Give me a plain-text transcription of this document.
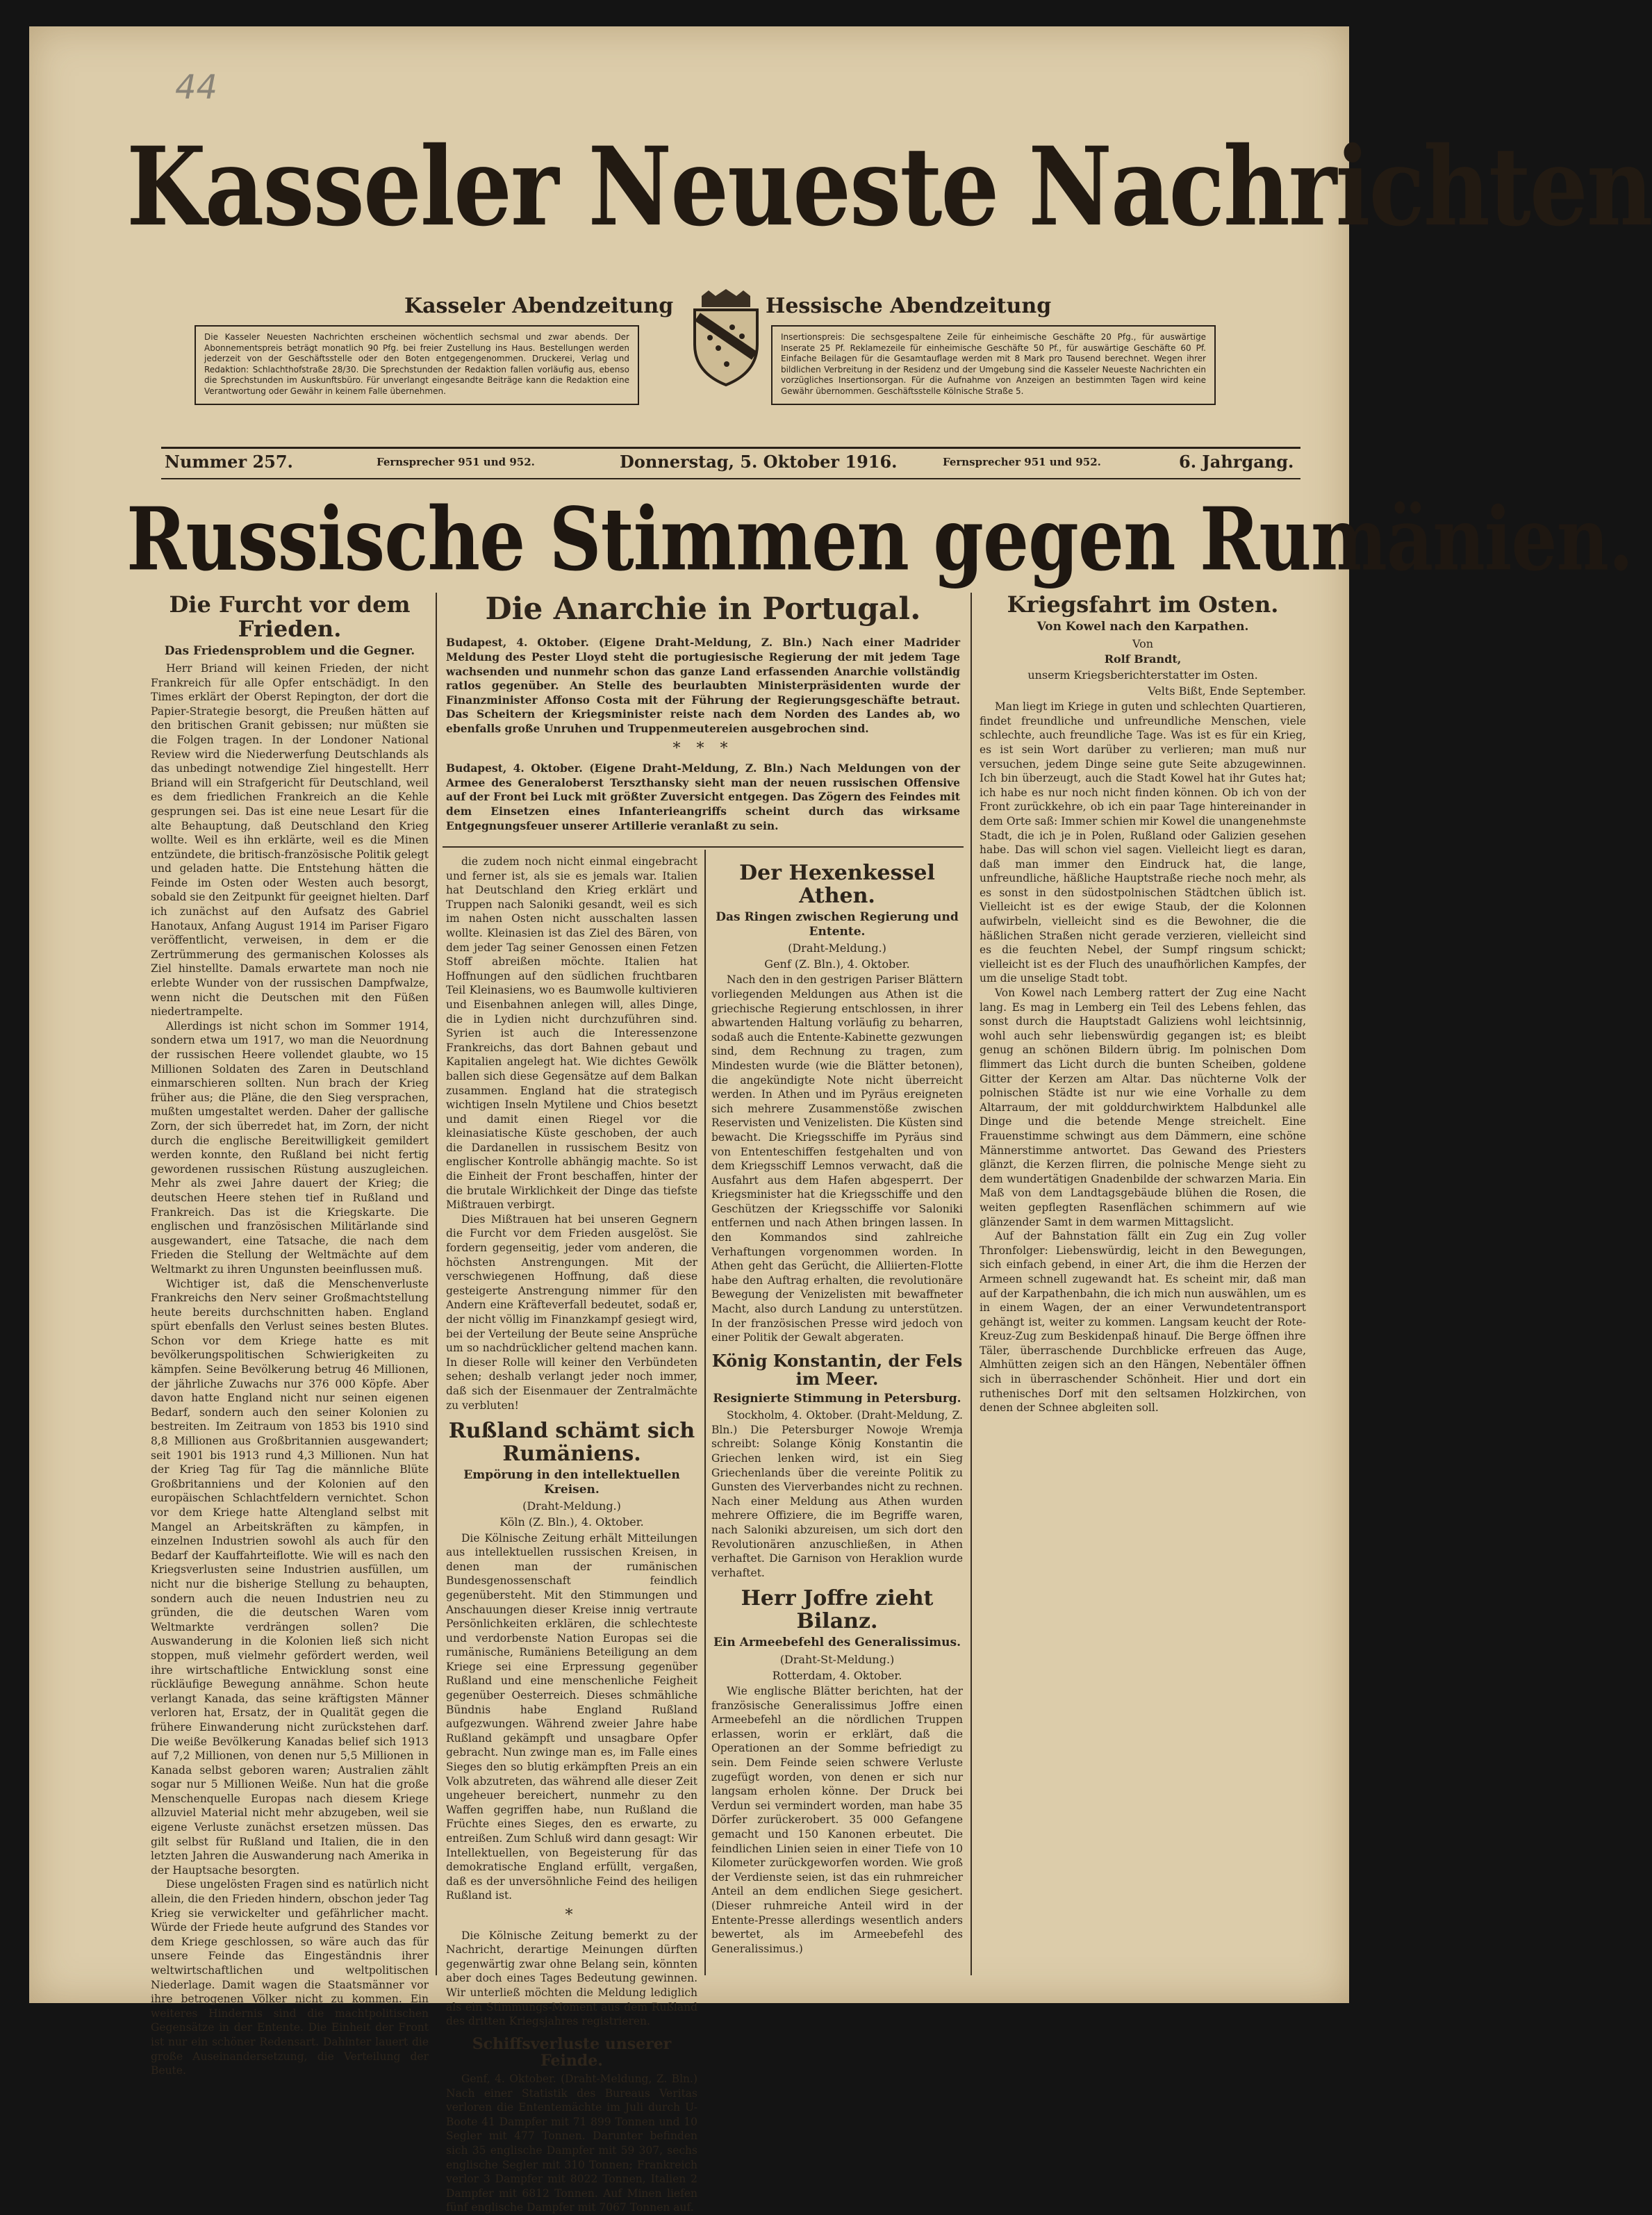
44
Kasseler Neueste Nachrichten
Kasseler Abendzeitung	Hessische Abendzeitung
Die Kasseler Neuesten Nachrichten erscheinen wöchentlich sechsmal und zwar abends. Der Abonnementspreis beträgt monatlich 90 Pfg. bei freier Zustellung ins Haus. Bestellungen werden jederzeit von der Geschäftsstelle oder den Boten entgegengenommen. Druckerei, Verlag und Redaktion: Schlachthofstraße 28/30. Die Sprechstunden der Redaktion fallen vorläufig aus, ebenso die Sprechstunden im Auskunftsbüro. Für unverlangt eingesandte Beiträge kann die Redaktion eine Verantwortung oder Gewähr in keinem Falle übernehmen.
Insertionspreis: Die sechsgespaltene Zeile für einheimische Geschäfte 20 Pfg., für auswärtige Inserate 25 Pf. Reklamezeile für einheimische Geschäfte 50 Pf., für auswärtige Geschäfte 60 Pf. Einfache Beilagen für die Gesamtauflage werden mit 8 Mark pro Tausend berechnet. Wegen ihrer bildlichen Verbreitung in der Residenz und der Umgebung sind die Kasseler Neueste Nachrichten ein vorzügliches Insertionsorgan. Für die Aufnahme von Anzeigen an bestimmten Tagen wird keine Gewähr übernommen. Geschäftsstelle Kölnische Straße 5.
Nummer 257.	Fernsprecher 951 und 952.	Donnerstag, 5. Oktober 1916.	Fernsprecher 951 und 952.	6. Jahrgang.
Russische Stimmen gegen Rumänien.
Die Furcht vor dem Frieden.

Das Friedensproblem und die Gegner.

Herr Briand will keinen Frieden, der nicht Frankreich für alle Opfer entschädigt. In den Times erklärt der Oberst Repington, der dort die Papier-Strategie besorgt, die Preußen hätten auf den britischen Granit gebissen; nur müßten sie die Folgen tragen. In der Londoner National Review wird die Niederwerfung Deutschlands als das unbedingt notwendige Ziel hingestellt. Herr Briand will ein Strafgericht für Deutschland, weil es dem friedlichen Frankreich an die Kehle gesprungen sei. Das ist eine neue Lesart für die alte Behauptung, daß Deutschland den Krieg wollte. Weil es ihn erklärte, weil es die Minen entzündete, die britisch-französische Politik gelegt und geladen hatte. Die Entstehung hätten die Feinde im Osten oder Westen auch besorgt, sobald sie den Zeitpunkt für geeignet hielten. Darf ich zunächst auf den Aufsatz des Gabriel Hanotaux, Anfang August 1914 im Pariser Figaro veröffentlicht, verweisen, in dem er die Zertrümmerung des germanischen Kolosses als Ziel hinstellte. Damals erwartete man noch nie erlebte Wunder von der russischen Dampfwalze, wenn nicht die Deutschen mit den Füßen niedertrampelte.

Allerdings ist nicht schon im Sommer 1914, sondern etwa um 1917, wo man die Neuordnung der russischen Heere vollendet glaubte, wo 15 Millionen Soldaten des Zaren in Deutschland einmarschieren sollten. Nun brach der Krieg früher aus; die Pläne, die den Sieg versprachen, mußten umgestaltet werden. Daher der gallische Zorn, der sich überredet hat, im Zorn, der nicht durch die englische Bereitwilligkeit gemildert werden konnte, den Rußland bei nicht fertig gewordenen russischen Rüstung auszugleichen. Mehr als zwei Jahre dauert der Krieg; die deutschen Heere stehen tief in Rußland und Frankreich. Das ist die Kriegskarte. Die englischen und französischen Militärlande sind ausgewandert, eine Tatsache, die nach dem Frieden die Stellung der Weltmächte auf dem Weltmarkt zu ihren Ungunsten beeinflussen muß.

Wichtiger ist, daß die Menschenverluste Frankreichs den Nerv seiner Großmachtstellung heute bereits durchschnitten haben. England spürt ebenfalls den Verlust seines besten Blutes. Schon vor dem Kriege hatte es mit bevölkerungspolitischen Schwierigkeiten zu kämpfen. Seine Bevölkerung betrug 46 Millionen, der jährliche Zuwachs nur 376 000 Köpfe. Aber davon hatte England nicht nur seinen eigenen Bedarf, sondern auch den seiner Kolonien zu bestreiten. Im Zeitraum von 1853 bis 1910 sind 8,8 Millionen aus Großbritannien ausgewandert; seit 1901 bis 1913 rund 4,3 Millionen. Nun hat der Krieg Tag für Tag die männliche Blüte Großbritanniens und der Kolonien auf den europäischen Schlachtfeldern vernichtet. Schon vor dem Kriege hatte Altengland selbst mit Mangel an Arbeitskräften zu kämpfen, in einzelnen Industrien sowohl als auch für den Bedarf der Kauffahrteiflotte. Wie will es nach den Kriegsverlusten seine Industrien ausfüllen, um nicht nur die bisherige Stellung zu behaupten, sondern auch die neuen Industrien neu zu gründen, die die deutschen Waren vom Weltmarkte verdrängen sollen? Die Auswanderung in die Kolonien ließ sich nicht stoppen, muß vielmehr gefördert werden, weil ihre wirtschaftliche Entwicklung sonst eine rückläufige Bewegung annähme. Schon heute verlangt Kanada, das seine kräftigsten Männer verloren hat, Ersatz, der in Qualität gegen die frühere Einwanderung nicht zurückstehen darf. Die weiße Bevölkerung Kanadas belief sich 1913 auf 7,2 Millionen, von denen nur 5,5 Millionen in Kanada selbst geboren waren; Australien zählt sogar nur 5 Millionen Weiße. Nun hat die große Menschenquelle Europas nach diesem Kriege allzuviel Material nicht mehr abzugeben, weil sie eigene Verluste zunächst ersetzen müssen. Das gilt selbst für Rußland und Italien, die in den letzten Jahren die Auswanderung nach Amerika in der Hauptsache besorgten.

Diese ungelösten Fragen sind es natürlich nicht allein, die den Frieden hindern, obschon jeder Tag Krieg sie verwickelter und gefährlicher macht. Würde der Friede heute aufgrund des Standes vor dem Kriege geschlossen, so wäre auch das für unsere Feinde das Eingeständnis ihrer weltwirtschaftlichen und weltpolitischen Niederlage. Damit wagen die Staatsmänner vor ihre betrogenen Völker nicht zu kommen. Ein weiteres Hindernis sind die machtpolitischen Gegensätze in der Entente. Die Einheit der Front ist nur ein schöner Redensart. Dahinter lauert die große Auseinandersetzung, die Verteilung der Beute.

Die Anarchie in Portugal.

Budapest, 4. Oktober. (Eigene Draht-Meldung, Z. Bln.) Nach einer Madrider Meldung des Pester Lloyd steht die portugiesische Regierung der mit jedem Tage wachsenden und nunmehr schon das ganze Land erfassenden Anarchie vollständig ratlos gegenüber. An Stelle des beurlaubten Ministerpräsidenten wurde der Finanzminister Affonso Costa mit der Führung der Regierungsgeschäfte betraut. Das Scheitern der Kriegsminister reiste nach dem Norden des Landes ab, wo ebenfalls große Unruhen und Truppenmeutereien ausgebrochen sind.

* * *

Budapest, 4. Oktober. (Eigene Draht-Meldung, Z. Bln.) Nach Meldungen von der Armee des Generaloberst Terszthansky sieht man der neuen russischen Offensive auf der Front bei Luck mit größter Zuversicht entgegen. Das Zögern des Feindes mit dem Einsetzen eines Infanterieangriffs scheint durch das wirksame Entgegnungsfeuer unserer Artillerie veranlaßt zu sein.

die zudem noch nicht einmal eingebracht und ferner ist, als sie es jemals war. Italien hat Deutschland den Krieg erklärt und Truppen nach Saloniki gesandt, weil es sich im nahen Osten nicht ausschalten lassen wollte. Kleinasien ist das Ziel des Bären, von dem jeder Tag seiner Genossen einen Fetzen Stoff abreißen möchte. Italien hat Hoffnungen auf den südlichen fruchtbaren Teil Kleinasiens, wo es Baumwolle kultivieren und Eisenbahnen anlegen will, alles Dinge, die in Lydien nicht durchzuführen sind. Syrien ist auch die Interessenzone Frankreichs, das dort Bahnen gebaut und Kapitalien angelegt hat. Wie dichtes Gewölk ballen sich diese Gegensätze auf dem Balkan zusammen. England hat die strategisch wichtigen Inseln Mytilene und Chios besetzt und damit einen Riegel vor die kleinasiatische Küste geschoben, der auch die Dardanellen in russischem Besitz von englischer Kontrolle abhängig machte. So ist die Einheit der Front beschaffen, hinter der die brutale Wirklichkeit der Dinge das tiefste Mißtrauen verbirgt.

Dies Mißtrauen hat bei unseren Gegnern die Furcht vor dem Frieden ausgelöst. Sie fordern gegenseitig, jeder vom anderen, die höchsten Anstrengungen. Mit der verschwiegenen Hoffnung, daß diese gesteigerte Anstrengung nimmer für den Andern eine Kräfteverfall bedeutet, sodaß er, der nicht völlig im Finanzkampf gesiegt wird, bei der Verteilung der Beute seine Ansprüche um so nachdrücklicher geltend machen kann. In dieser Rolle will keiner den Verbündeten sehen; deshalb verlangt jeder noch immer, daß sich der Eisenmauer der Zentralmächte zu verbluten!

Rußland schämt sich Rumäniens.

Empörung in den intellektuellen Kreisen.

(Draht-Meldung.)

Köln (Z. Bln.), 4. Oktober.

Die Kölnische Zeitung erhält Mitteilungen aus intellektuellen russischen Kreisen, in denen man der rumänischen Bundesgenossenschaft feindlich gegenübersteht. Mit den Stimmungen und Anschauungen dieser Kreise innig vertraute Persönlichkeiten erklären, die schlechteste und verdorbenste Nation Europas sei die rumänische, Rumäniens Beteiligung an dem Kriege sei eine Erpressung gegenüber Rußland und eine menschenliche Feigheit gegenüber Oesterreich. Dieses schmähliche Bündnis habe England Rußland aufgezwungen. Während zweier Jahre habe Rußland gekämpft und unsagbare Opfer gebracht. Nun zwinge man es, im Falle eines Sieges den so blutig erkämpften Preis an ein Volk abzutreten, das während alle dieser Zeit ungeheuer bereichert, nunmehr zu den Waffen gegriffen habe, nun Rußland die Früchte eines Sieges, den es erwarte, zu entreißen. Zum Schluß wird dann gesagt: Wir Intellektuellen, von Begeisterung für das demokratische England erfüllt, vergaßen, daß es der unversöhnliche Feind des heiligen Rußland ist.

*

Die Kölnische Zeitung bemerkt zu der Nachricht, derartige Meinungen dürften gegenwärtig zwar ohne Belang sein, könnten aber doch eines Tages Bedeutung gewinnen. Wir unterließ möchten die Meldung lediglich als ein Stimmungs-Moment aus dem Rußland des dritten Kriegsjahres registrieren.

Schiffsverluste unserer Feinde.

Genf, 4. Oktober. (Draht-Meldung, Z. Bln.) Nach einer Statistik des Bureaus Veritas verloren die Ententemächte im Juli durch U-Boote 41 Dampfer mit 71 899 Tonnen und 10 Segler mit 477 Tonnen. Darunter befinden sich 35 englische Dampfer mit 59 307, sechs englische Segler mit 310 Tonnen; Frankreich verlor 3 Dampfer mit 8022 Tonnen, Italien 2 Dampfer mit 6812 Tonnen. Auf Minen liefen fünf englische Dampfer mit 7067 Tonnen auf.

Der Hexenkessel Athen.

Das Ringen zwischen Regierung und Entente.

(Draht-Meldung.)

Genf (Z. Bln.), 4. Oktober.

Nach den in den gestrigen Pariser Blättern vorliegenden Meldungen aus Athen ist die griechische Regierung entschlossen, in ihrer abwartenden Haltung vorläufig zu beharren, sodaß auch die Entente-Kabinette gezwungen sind, dem Rechnung zu tragen, zum Mindesten wurde (wie die Blätter betonen), die angekündigte Note nicht überreicht werden. In Athen und im Pyräus ereigneten sich mehrere Zusammenstöße zwischen Reservisten und Venizelisten. Die Küsten sind bewacht. Die Kriegsschiffe im Pyräus sind von Ententeschiffen festgehalten und von dem Kriegsschiff Lemnos verwacht, daß die Ausfahrt aus dem Hafen abgesperrt. Der Kriegsminister hat die Kriegsschiffe und den Geschützen der Kriegsschiffe vor Saloniki entfernen und nach Athen bringen lassen. In den Kommandos sind zahlreiche Verhaftungen vorgenommen worden. In Athen geht das Gerücht, die Alliierten-Flotte habe den Auftrag erhalten, die revolutionäre Bewegung der Venizelisten mit bewaffneter Macht, also durch Landung zu unterstützen. In der französischen Presse wird jedoch von einer Politik der Gewalt abgeraten.

König Konstantin, der Fels im Meer.

Resignierte Stimmung in Petersburg.

Stockholm, 4. Oktober. (Draht-Meldung, Z. Bln.) Die Petersburger Nowoje Wremja schreibt: Solange König Konstantin die Griechen lenken wird, ist ein Sieg Griechenlands über die vereinte Politik zu Gunsten des Vierverbandes nicht zu rechnen. Nach einer Meldung aus Athen wurden mehrere Offiziere, die im Begriffe waren, nach Saloniki abzureisen, um sich dort den Revolutionären anzuschließen, in Athen verhaftet. Die Garnison von Heraklion wurde verhaftet.

Herr Joffre zieht Bilanz.

Ein Armeebefehl des Generalissimus.

(Draht-St-Meldung.)

Rotterdam, 4. Oktober.

Wie englische Blätter berichten, hat der französische Generalissimus Joffre einen Armeebefehl an die nördlichen Truppen erlassen, worin er erklärt, daß die Operationen an der Somme befriedigt zu sein. Dem Feinde seien schwere Verluste zugefügt worden, von denen er sich nur langsam erholen könne. Der Druck bei Verdun sei vermindert worden, man habe 35 Dörfer zurückerobert. 35 000 Gefangene gemacht und 150 Kanonen erbeutet. Die feindlichen Linien seien in einer Tiefe von 10 Kilometer zurückgeworfen worden. Wie groß der Verdienste seien, ist das ein ruhmreicher Anteil an dem endlichen Siege gesichert. (Dieser ruhmreiche Anteil wird in der Entente-Presse allerdings wesentlich anders bewertet, als im Armeebefehl des Generalissimus.)

Kriegsfahrt im Osten.

Von Kowel nach den Karpathen.

Von

Rolf Brandt,

unserm Kriegsberichterstatter im Osten.

Velts Bißt, Ende September.

Man liegt im Kriege in guten und schlechten Quartieren, findet freundliche und unfreundliche Menschen, viele schlechte, auch freundliche Tage. Was ist es für ein Krieg, es ist sein Wort darüber zu verlieren; man muß nur versuchen, jedem Dinge seine gute Seite abzugewinnen. Ich bin überzeugt, auch die Stadt Kowel hat ihr Gutes hat; ich habe es nur noch nicht finden können. Ob ich von der Front zurückkehre, ob ich ein paar Tage hintereinander in dem Orte saß: Immer schien mir Kowel die unangenehmste Stadt, die ich je in Polen, Rußland oder Galizien gesehen habe. Das will schon viel sagen. Vielleicht liegt es daran, daß man immer den Eindruck hat, die lange, unfreundliche, häßliche Hauptstraße rieche noch mehr, als es sonst in den südostpolnischen Städtchen üblich ist. Vielleicht ist es der ewige Staub, der die Kolonnen aufwirbeln, vielleicht sind es die Bewohner, die die häßlichen Straßen nicht gerade verzieren, vielleicht sind es die feuchten Nebel, der Sumpf ringsum schickt; vielleicht ist es der Fluch des unaufhörlichen Kampfes, der um die unselige Stadt tobt.

Von Kowel nach Lemberg rattert der Zug eine Nacht lang. Es mag in Lemberg ein Teil des Lebens fehlen, das sonst durch die Hauptstadt Galiziens wohl leichtsinnig, wohl auch sehr liebenswürdig gegangen ist; es bleibt genug an schönen Bildern übrig. Im polnischen Dom flimmert das Licht durch die bunten Scheiben, goldene Gitter der Kerzen am Altar. Das nüchterne Volk der polnischen Städte ist nur wie eine Vorhalle zu dem Altarraum, der mit golddurchwirktem Halbdunkel alle Dinge und die betende Menge streichelt. Eine Frauenstimme schwingt aus dem Dämmern, eine schöne Männerstimme antwortet. Das Gewand des Priesters glänzt, die Kerzen flirren, die polnische Menge sieht zu dem wundertätigen Gnadenbilde der schwarzen Maria. Ein Maß von dem Landtagsgebäude blühen die Rosen, die weiten gepflegten Rasenflächen schimmern auf wie glänzender Samt in dem warmen Mittagslicht.

Auf der Bahnstation fällt ein Zug ein Zug voller Thronfolger: Liebenswürdig, leicht in den Bewegungen, sich einfach gebend, in einer Art, die ihm die Herzen der Armeen schnell zugewandt hat. Es scheint mir, daß man auf der Karpathenbahn, die ich mich nun auswählen, um es in einem Wagen, der an einer Verwundetentransport gehängt ist, weiter zu kommen. Langsam keucht der Rote-Kreuz-Zug zum Beskidenpaß hinauf. Die Berge öffnen ihre Täler, überraschende Durchblicke erfreuen das Auge, Almhütten zeigen sich an den Hängen, Nebentäler öffnen sich in überraschender Schönheit. Hier und dort ein ruthenisches Dorf mit den seltsamen Holzkirchen, von denen der Schnee abgleiten soll.
